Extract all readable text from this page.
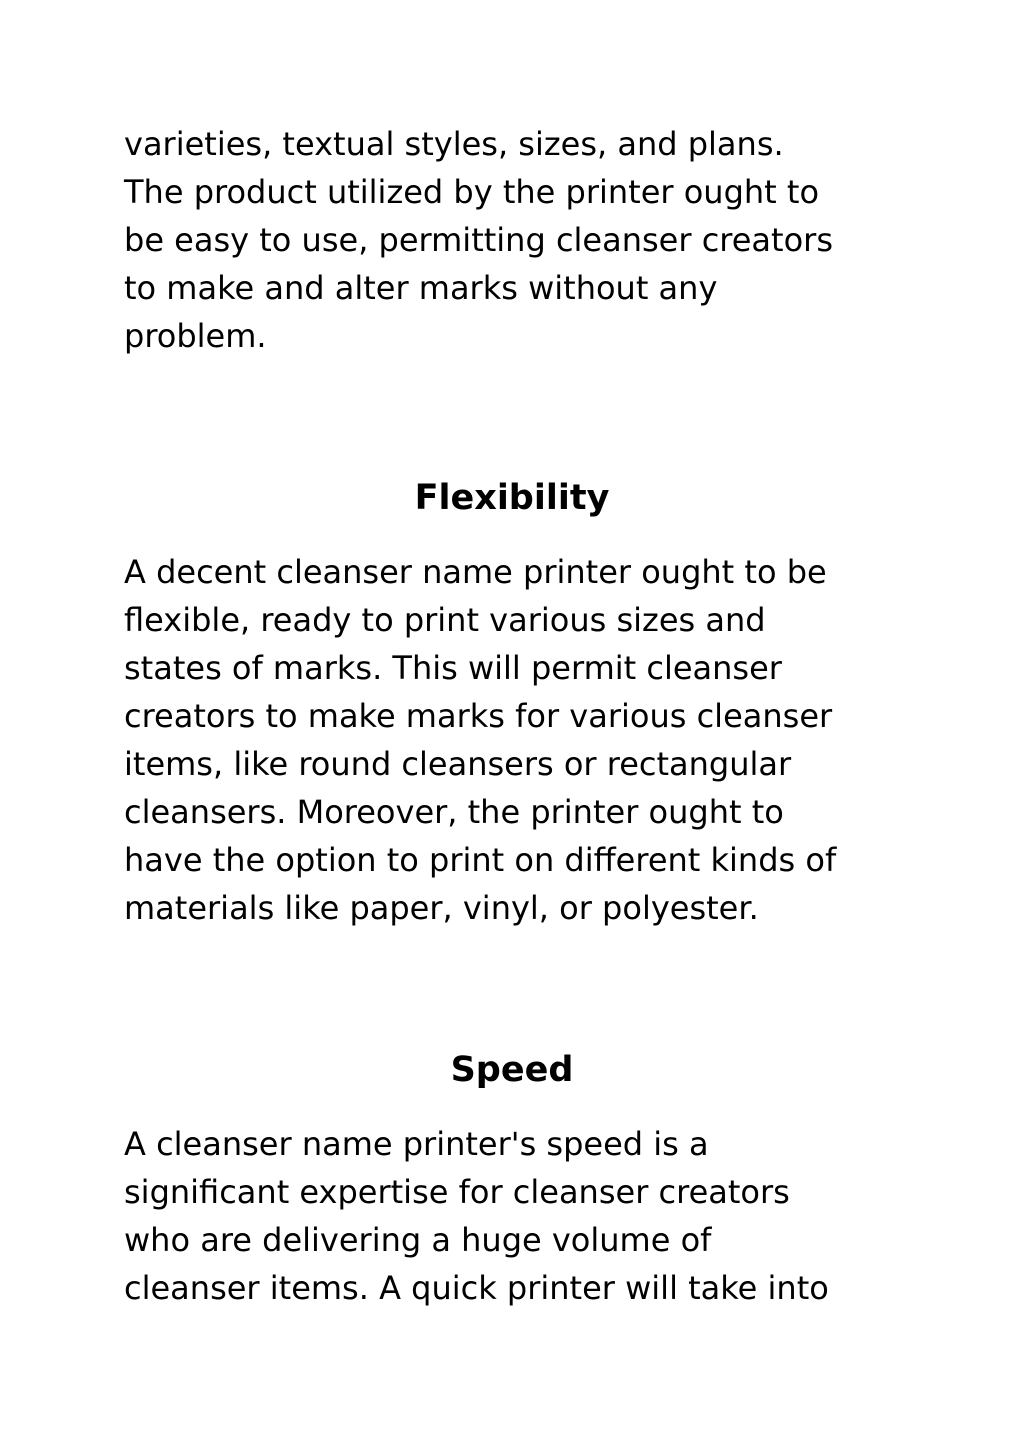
varieties, textual styles, sizes, and plans.
The product utilized by the printer ought to
be easy to use, permitting cleanser creators
to make and alter marks without any
problem.

Flexibility

A decent cleanser name printer ought to be
flexible, ready to print various sizes and
states of marks. This will permit cleanser
creators to make marks for various cleanser
items, like round cleansers or rectangular
cleansers. Moreover, the printer ought to
have the option to print on different kinds of
materials like paper, vinyl, or polyester.

Speed

A cleanser name printer's speed is a
significant expertise for cleanser creators
who are delivering a huge volume of
cleanser items. A quick printer will take into
